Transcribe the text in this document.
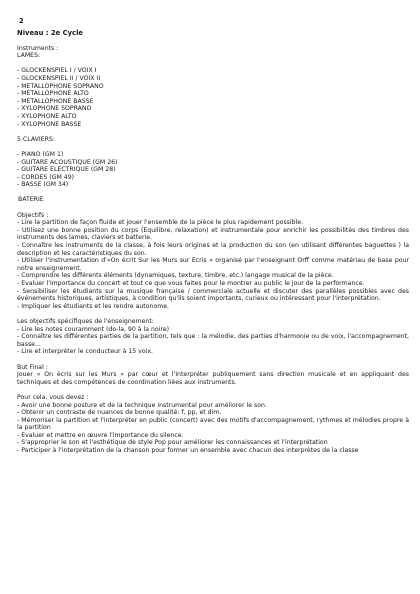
2
Niveau : 2e Cycle
Instruments :
LAMES:
- GLOCKENSPIEL I / VOIX I
- GLOCKENSPIEL II / VOIX II
- METALLOPHONE SOPRANO
- METALLOPHONE ALTO
- METALLOPHONE BASSE
- XYLOPHONE SOPRANO
- XYLOPHONE ALTO
- XYLOPHONE BASSE
5 CLAVIERS:
- PIANO (GM 1)
- GUITARE ACOUSTIQUE (GM 26)
- GUITARE ELECTRIQUE (GM 28)
- CORDES (GM 49)
- BASSE (GM 34)
BATERIE
Objectifs :
- Lire la partition de façon fluide et jouer l'ensemble de la pièce le plus rapidement possible.
- Utilisez une bonne position du corps (Equilibre, relaxation) et instrumentale pour enrichir les possibilités des timbres des instruments des lames, claviers et batterie.
- Connaître les instruments de la classe, à fois leurs origines et la production du son (en utilisant différentes baguettes ) la description et les caractéristiques du son.
- Utiliser l'instrumentation d'«On écrit Sur les Murs sur Ecris » organisé par l'enseignant Orff comme matériau de base pour notre enseignement.
- Comprendre les différents éléments (dynamiques, texture, timbre, etc.) langage musical de la pièce.
- Evaluer l'importance du concert et tout ce que vous faites pour le montrer au public le jour de la performance.
- Sensibiliser les étudiants sur la musique française / commerciale actuelle et discuter des parallèles possibles avec des événements historiques, artistiques, à condition qu'ils soient importants, curieux ou intéressant pour l'interprétation.
- Impliquer les étudiants et les rendre autonome.
Les objectifs spécifiques de l'enseignement:
- Lire les notes couramment (do-la, 90 à la noire)
- Connaître les différentes parties de la partition, tels que : la mélodie, des parties d'harmonie ou de voix, l'accompagnement, basse...
- Lire et interpréter le conducteur à 15 voix.
But Final :
Jouer « On écris sur les Murs » par cœur et l'interpréter publiquement sans direction musicale et en appliquant des techniques et des compétences de coordination liées aux instruments.
Pour cela, vous devez :
- Avoir une bonne posture et de la technique instrumental pour améliorer le son.
- Obtenir un contraste de nuances de bonne qualité: f, pp, et dim.
- Mémoriser la partition et l'interpréter en public (concert) avec des motifs d'accompagnement, rythmes et mélodies propre à la partition
- Evaluer et mettre en œuvre l'importance du silence.
- S'approprier le son et l'esthétique de style Pop pour améliorer les connaissances et l'interprétation
- Participer à l'interprétation de la chanson pour former un ensemble avec chacun des interprètes de la classe
